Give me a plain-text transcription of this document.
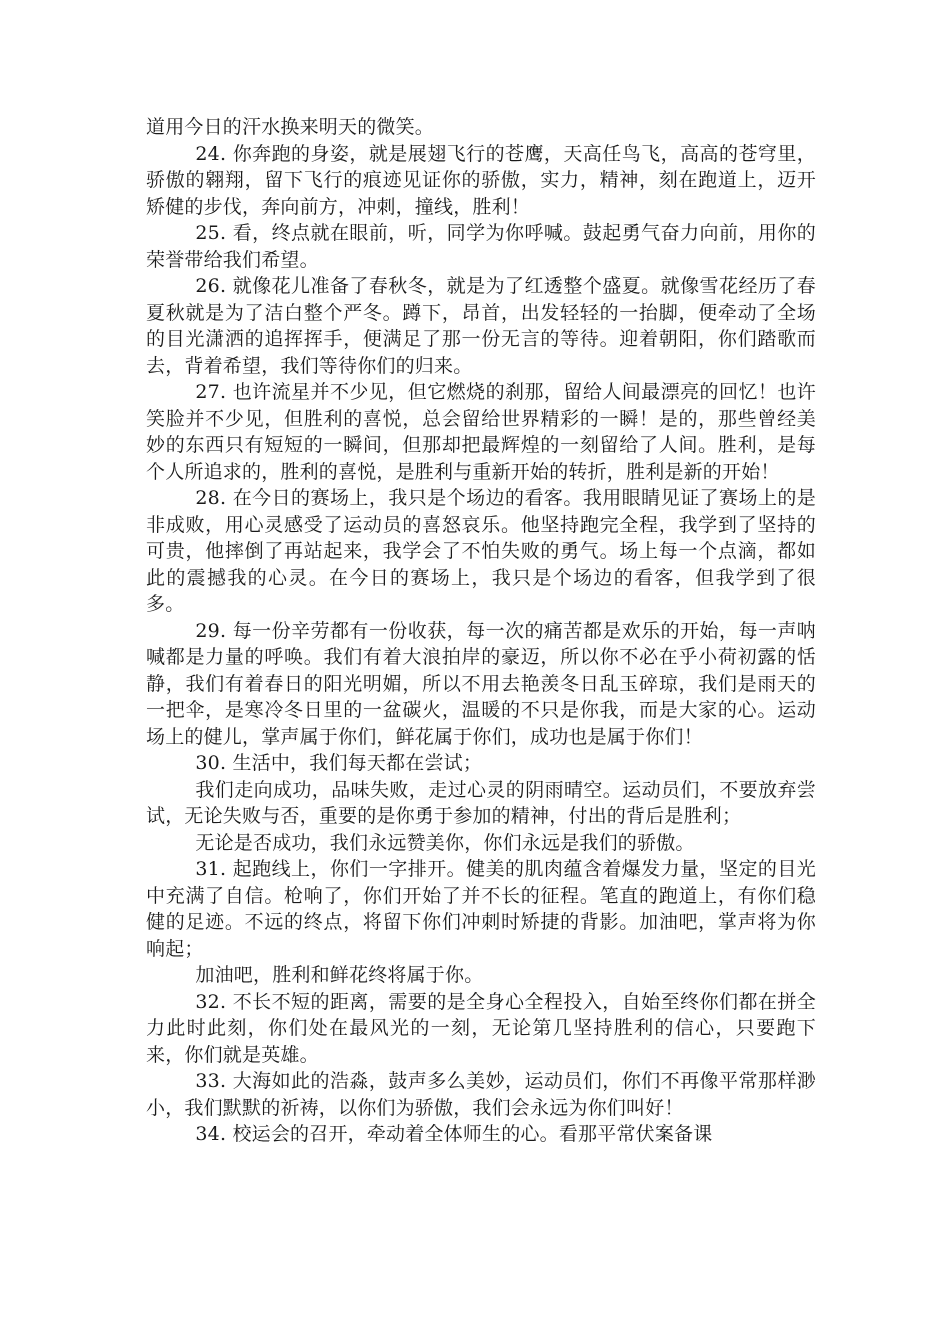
道用今日的汗水换来明天的微笑。

24. 你奔跑的身姿，就是展翅飞行的苍鹰，天高任鸟飞，高高的苍穹里，骄傲的翱翔，留下飞行的痕迹见证你的骄傲，实力，精神，刻在跑道上，迈开矫健的步伐，奔向前方，冲刺，撞线，胜利！

25. 看，终点就在眼前，听，同学为你呼喊。鼓起勇气奋力向前，用你的荣誉带给我们希望。

26. 就像花儿准备了春秋冬，就是为了红透整个盛夏。就像雪花经历了春夏秋就是为了洁白整个严冬。蹲下，昂首，出发轻轻的一抬脚，便牵动了全场的目光潇洒的追挥挥手，便满足了那一份无言的等待。迎着朝阳，你们踏歌而去，背着希望，我们等待你们的归来。

27. 也许流星并不少见，但它燃烧的刹那，留给人间最漂亮的回忆！也许笑脸并不少见，但胜利的喜悦，总会留给世界精彩的一瞬！是的，那些曾经美妙的东西只有短短的一瞬间，但那却把最辉煌的一刻留给了人间。胜利，是每个人所追求的，胜利的喜悦，是胜利与重新开始的转折，胜利是新的开始！

28. 在今日的赛场上，我只是个场边的看客。我用眼睛见证了赛场上的是非成败，用心灵感受了运动员的喜怒哀乐。他坚持跑完全程，我学到了坚持的可贵，他摔倒了再站起来，我学会了不怕失败的勇气。场上每一个点滴，都如此的震撼我的心灵。在今日的赛场上，我只是个场边的看客，但我学到了很多。

29. 每一份辛劳都有一份收获，每一次的痛苦都是欢乐的开始，每一声呐喊都是力量的呼唤。我们有着大浪拍岸的豪迈，所以你不必在乎小荷初露的恬静，我们有着春日的阳光明媚，所以不用去艳羡冬日乱玉碎琼，我们是雨天的一把伞，是寒冷冬日里的一盆碳火，温暖的不只是你我，而是大家的心。运动场上的健儿，掌声属于你们，鲜花属于你们，成功也是属于你们！

30. 生活中，我们每天都在尝试；

我们走向成功，品味失败，走过心灵的阴雨晴空。运动员们，不要放弃尝试，无论失败与否，重要的是你勇于参加的精神，付出的背后是胜利；

无论是否成功，我们永远赞美你，你们永远是我们的骄傲。

31. 起跑线上，你们一字排开。健美的肌肉蕴含着爆发力量，坚定的目光中充满了自信。枪响了，你们开始了并不长的征程。笔直的跑道上，有你们稳健的足迹。不远的终点，将留下你们冲刺时矫捷的背影。加油吧，掌声将为你响起；

加油吧，胜利和鲜花终将属于你。

32. 不长不短的距离，需要的是全身心全程投入，自始至终你们都在拼全力此时此刻，你们处在最风光的一刻，无论第几坚持胜利的信心，只要跑下来，你们就是英雄。

33. 大海如此的浩淼，鼓声多么美妙，运动员们，你们不再像平常那样渺小，我们默默的祈祷，以你们为骄傲，我们会永远为你们叫好！

34. 校运会的召开，牵动着全体师生的心。看那平常伏案备课
